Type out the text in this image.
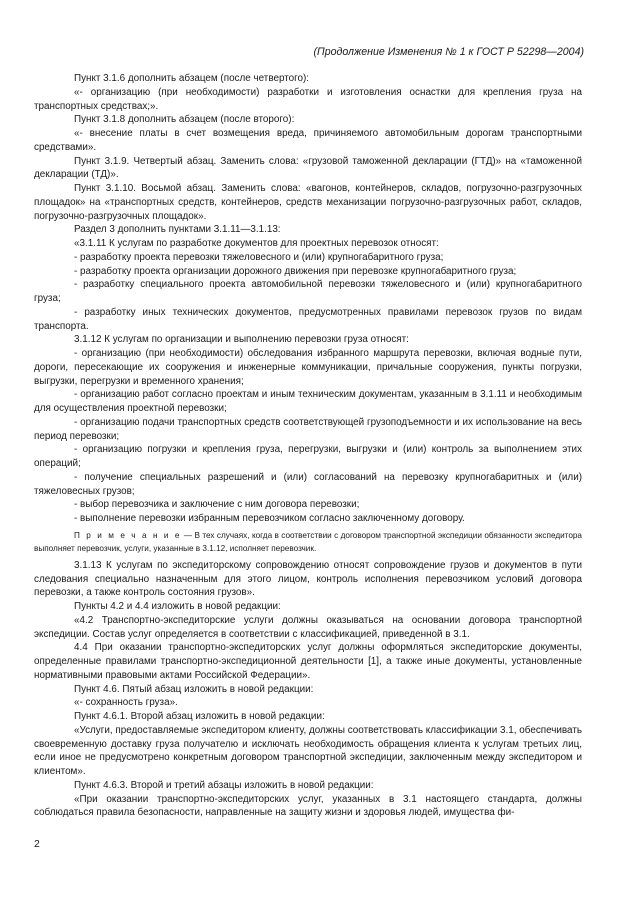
(Продолжение Изменения № 1 к ГОСТ Р 52298—2004)

Пункт 3.1.6 дополнить абзацем (после четвертого):

«- организацию (при необходимости) разработки и изготовления оснастки для крепления груза на транспортных средствах;».

Пункт 3.1.8 дополнить абзацем (после второго):

«- внесение платы в счет возмещения вреда, причиняемого автомобильным дорогам транспортными средствами».

Пункт 3.1.9. Четвертый абзац. Заменить слова: «грузовой таможенной декларации (ГТД)» на «таможенной декларации (ТД)».

Пункт 3.1.10. Восьмой абзац. Заменить слова: «вагонов, контейнеров, складов, погрузочно-разгрузочных площадок» на «транспортных средств, контейнеров, средств механизации погрузочно-разгрузочных работ, складов, погрузочно-разгрузочных площадок».

Раздел 3 дополнить пунктами 3.1.11—3.1.13:

«3.1.11 К услугам по разработке документов для проектных перевозок относят:

- разработку проекта перевозки тяжеловесного и (или) крупногабаритного груза;

- разработку проекта организации дорожного движения при перевозке крупногабаритного груза;

- разработку специального проекта автомобильной перевозки тяжеловесного и (или) крупногабаритного груза;

- разработку иных технических документов, предусмотренных правилами перевозок грузов по видам транспорта.

3.1.12 К услугам по организации и выполнению перевозки груза относят:

- организацию (при необходимости) обследования избранного маршрута перевозки, включая водные пути, дороги, пересекающие их сооружения и инженерные коммуникации, причальные сооружения, пункты погрузки, выгрузки, перегрузки и временного хранения;

- организацию работ согласно проектам и иным техническим документам, указанным в 3.1.11 и необходимым для осуществления проектной перевозки;

- организацию подачи транспортных средств соответствующей грузоподъемности и их использование на весь период перевозки;

- организацию погрузки и крепления груза, перегрузки, выгрузки и (или) контроль за выполнением этих операций;

- получение специальных разрешений и (или) согласований на перевозку крупногабаритных и (или) тяжеловесных грузов;

- выбор перевозчика и заключение с ним договора перевозки;

- выполнение перевозки избранным перевозчиком согласно заключенному договору.

П р и м е ч а н и е — В тех случаях, когда в соответствии с договором транспортной экспедиции обязанности экспедитора выполняет перевозчик, услуги, указанные в 3.1.12, исполняет перевозчик.

3.1.13 К услугам по экспедиторскому сопровождению относят сопровождение грузов и документов в пути следования специально назначенным для этого лицом, контроль исполнения перевозчиком условий договора перевозки, а также контроль состояния грузов».

Пункты 4.2 и 4.4 изложить в новой редакции:

«4.2 Транспортно-экспедиторские услуги должны оказываться на основании договора транспортной экспедиции. Состав услуг определяется в соответствии с классификацией, приведенной в 3.1.

4.4 При оказании транспортно-экспедиторских услуг должны оформляться экспедиторские документы, определенные правилами транспортно-экспедиционной деятельности [1], а также иные документы, установленные нормативными правовыми актами Российской Федерации».

Пункт 4.6. Пятый абзац изложить в новой редакции:

«- сохранность груза».

Пункт 4.6.1. Второй абзац изложить в новой редакции:

«Услуги, предоставляемые экспедитором клиенту, должны соответствовать классификации 3.1, обеспечивать своевременную доставку груза получателю и исключать необходимость обращения клиента к услугам третьих лиц, если иное не предусмотрено конкретным договором транспортной экспедиции, заключенным между экспедитором и клиентом».

Пункт 4.6.3. Второй и третий абзацы изложить в новой редакции:

«При оказании транспортно-экспедиторских услуг, указанных в 3.1 настоящего стандарта, должны соблюдаться правила безопасности, направленные на защиту жизни и здоровья людей, имущества фи-

2
